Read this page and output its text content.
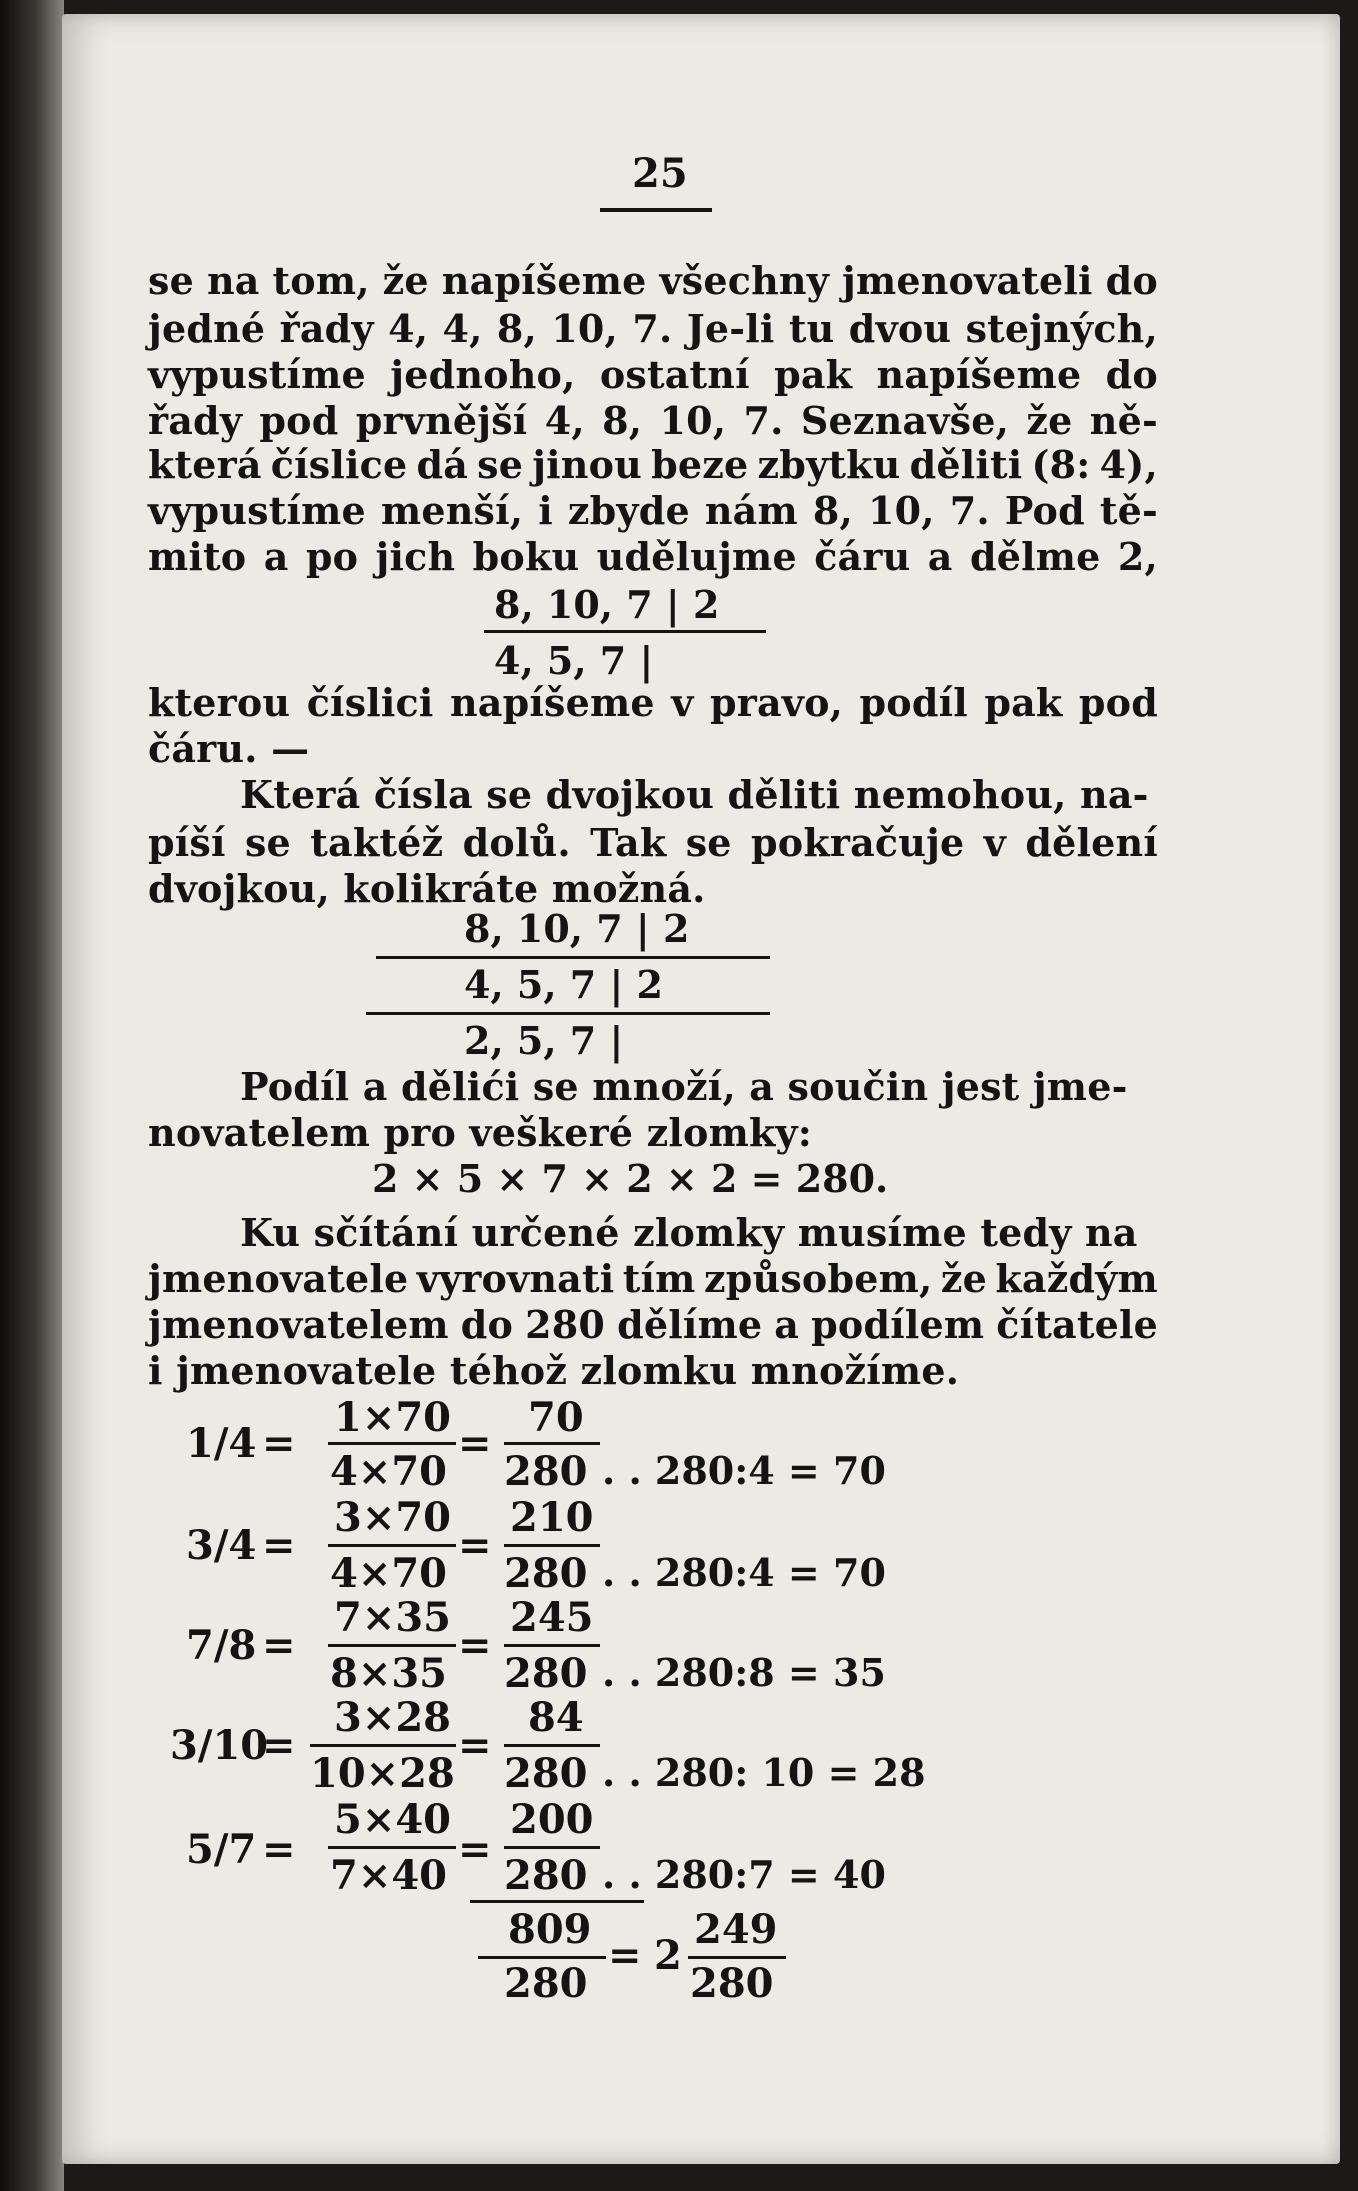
25
se na tom, že napíšeme všechny jmenovateli do
jedné řady 4, 4, 8, 10, 7. Je-li tu dvou stejných,
vypustíme jednoho, ostatní pak napíšeme do
řady pod prvnější 4, 8, 10, 7. Seznavše, že ně-
která číslice dá se jinou beze zbytku děliti (8: 4),
vypustíme menší, i zbyde nám 8, 10, 7. Pod tě-
mito a po jich boku udělujme čáru a dělme 2,
8, 10, 7 | 2
4, 5, 7 |
kterou číslici napíšeme v pravo, podíl pak pod
čáru. —
Která čísla se dvojkou děliti nemohou, na-
píší se taktéž dolů. Tak se pokračuje v dělení
dvojkou, kolikráte možná.
8, 10, 7 | 2
4, 5, 7 | 2
2, 5, 7 |
Podíl a dělići se množí, a součin jest jme-
novatelem pro veškeré zlomky:
2 × 5 × 7 × 2 × 2 = 280.
Ku sčítání určené zlomky musíme tedy na
jmenovatele vyrovnati tím způsobem, že každým
jmenovatelem do 280 dělíme a podílem čítatele
i jmenovatele téhož zlomku množíme.
1/4 =
1×70
4×70
=
70
280 . . 280:4 = 70
3/4 =
3×70
4×70
=
210
280 . . 280:4 = 70
7/8 =
7×35
8×35
=
245
280 . . 280:8 = 35
3/10
=
3×28
10×28
=
84
280 . . 280: 10 = 28
5/7 =
5×40
7×40
=
200
280 . . 280:7 = 40
809
280
= 2
249
280
